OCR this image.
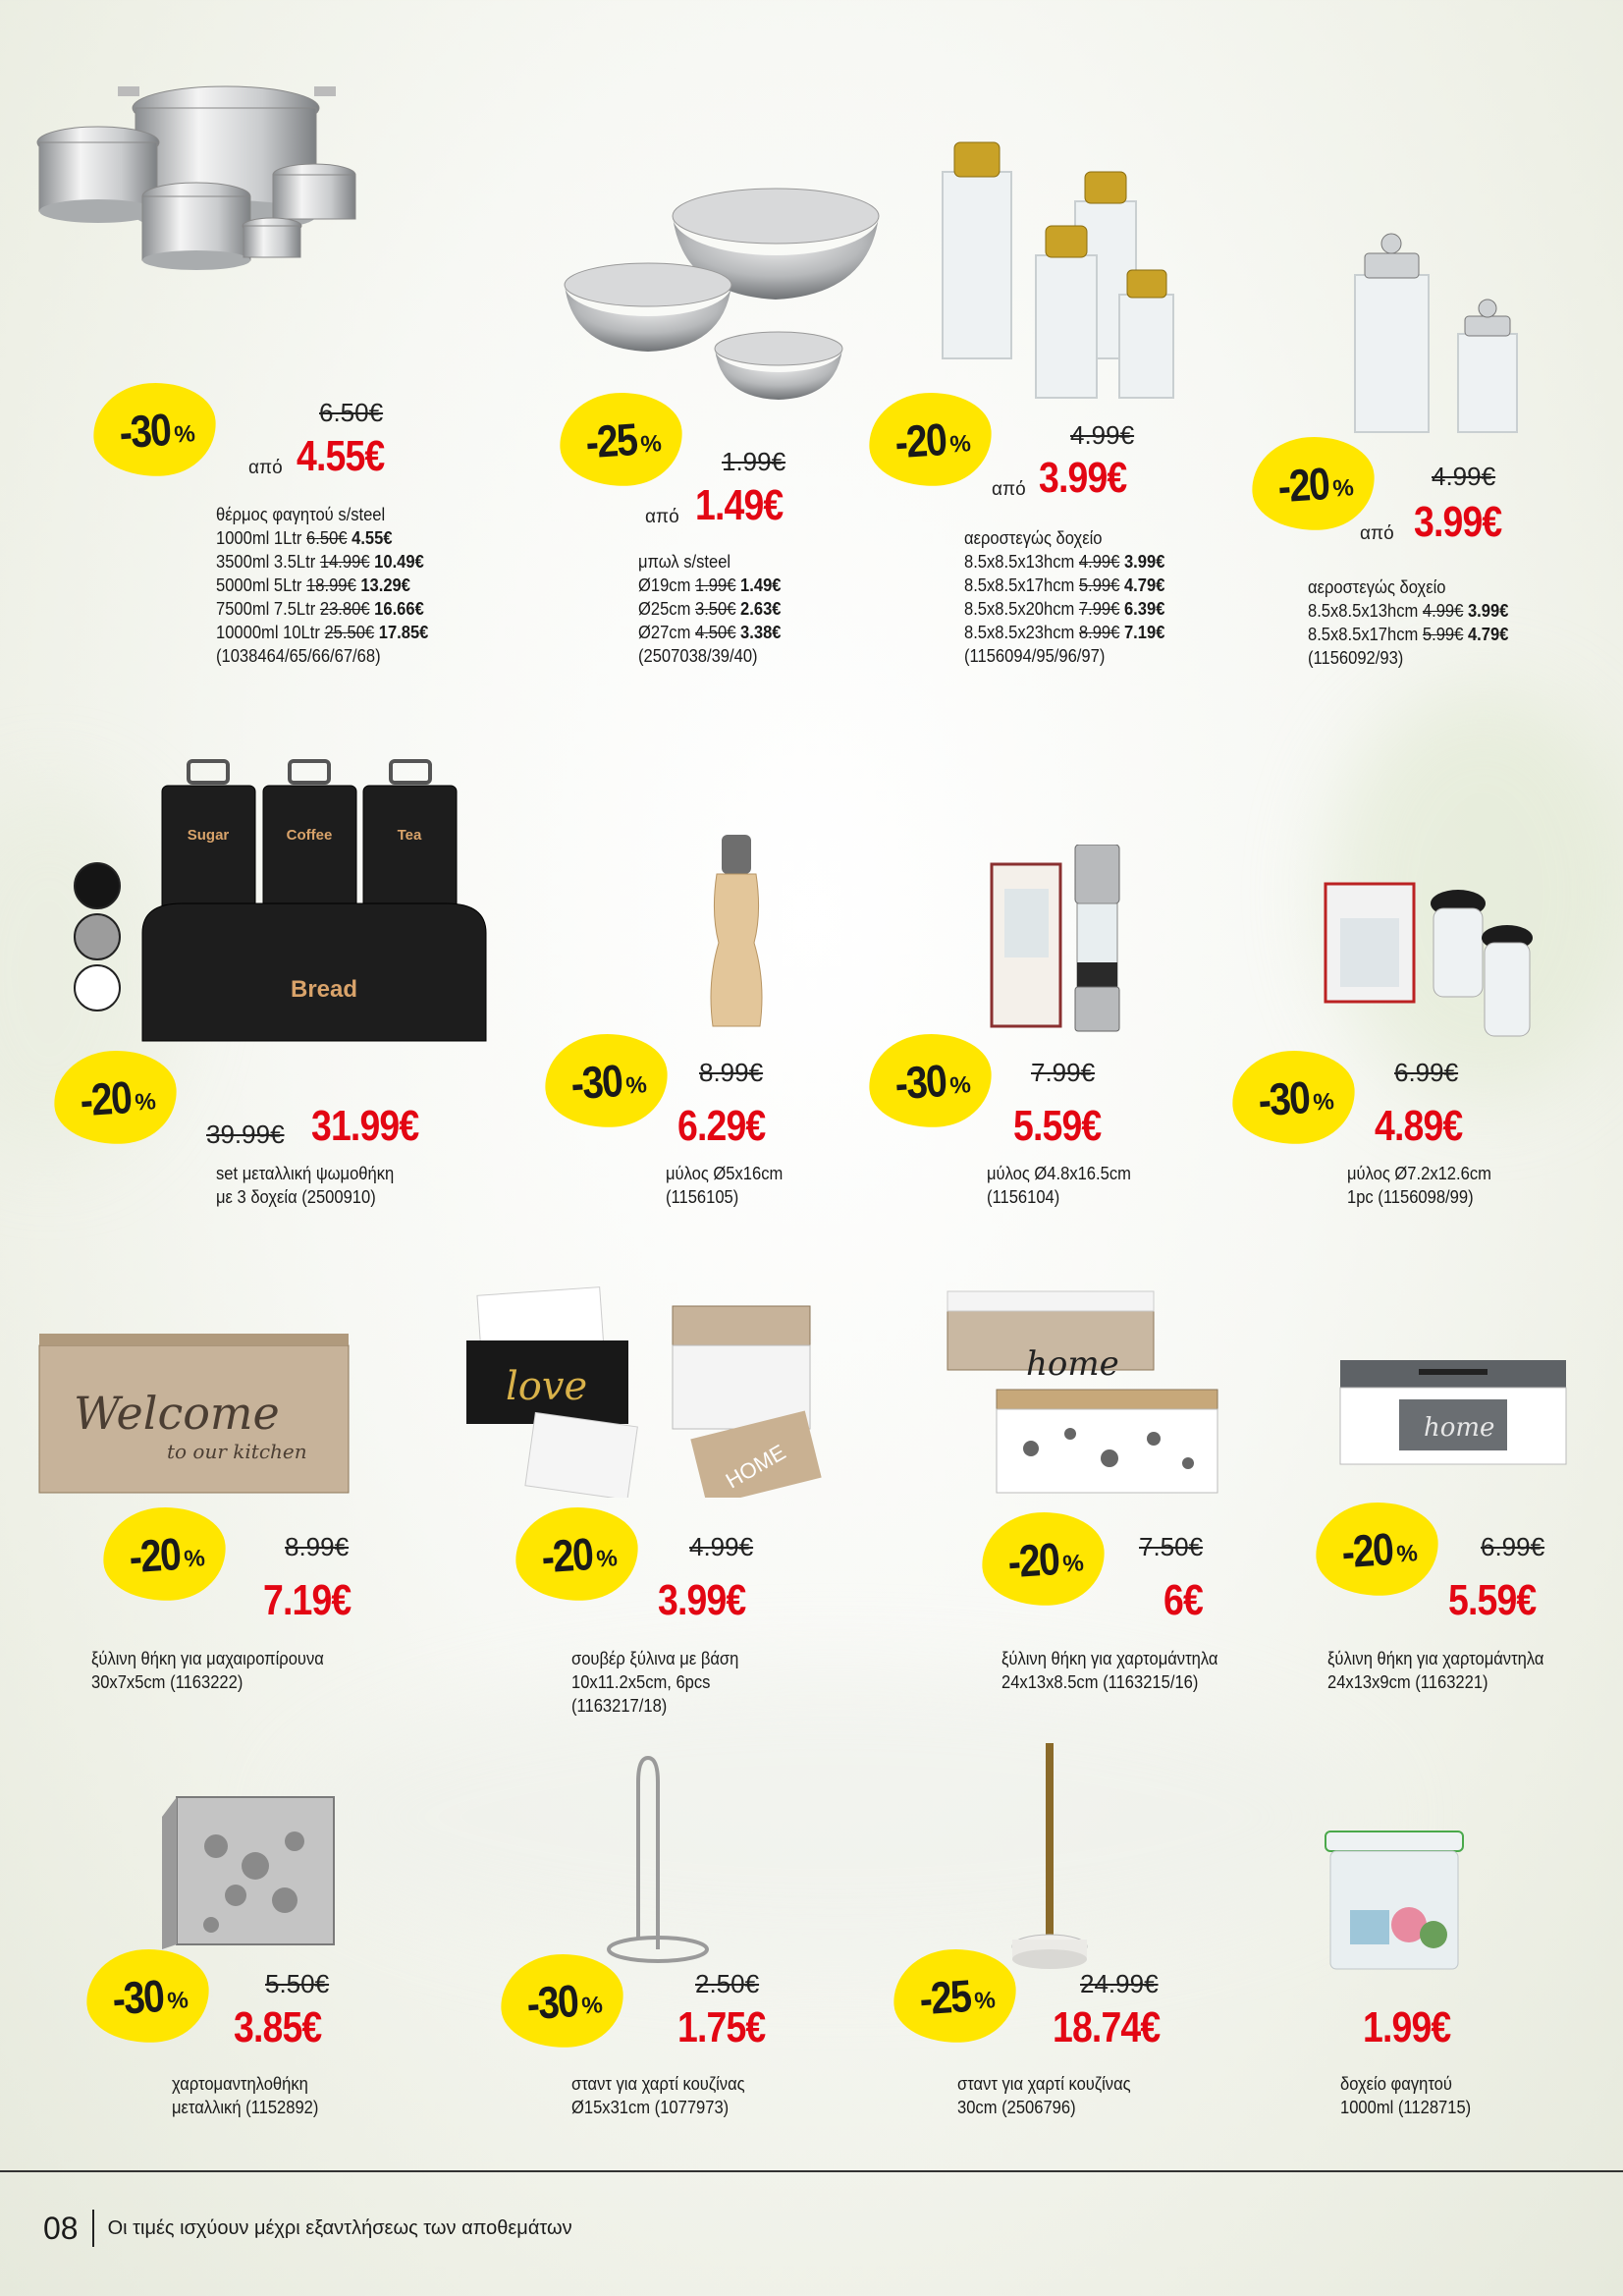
-30 %
6.50€
από 4.55€
θέρμος φαγητού s/steel
1000ml 1Ltr 6.50€ 4.55€
3500ml 3.5Ltr 14.99€ 10.49€
5000ml 5Ltr 18.99€ 13.29€
7500ml 7.5Ltr 23.80€ 16.66€
10000ml 10Ltr 25.50€ 17.85€
(1038464/65/66/67/68)
-25 %
1.99€
από 1.49€
μπωλ s/steel
Ø19cm 1.99€ 1.49€
Ø25cm 3.50€ 2.63€
Ø27cm 4.50€ 3.38€
(2507038/39/40)
-20 %	4.99€
από 3.99€
αεροστεγώς δοχείο
8.5x8.5x13hcm 4.99€ 3.99€
8.5x8.5x17hcm 5.99€ 4.79€
8.5x8.5x20hcm 7.99€ 6.39€
8.5x8.5x23hcm 8.99€ 7.19€
(1156094/95/96/97)
-20 %	4.99€
από 3.99€
αεροστεγώς δοχείο
8.5x8.5x13hcm 4.99€ 3.99€
8.5x8.5x17hcm 5.99€ 4.79€
(1156092/93)
Sugar	Coffee	Tea
Bread
-20 %
39.99€ 31.99€
set μεταλλική ψωμοθήκη
με 3 δοχεία (2500910)
-30 % 8.99€
6.29€
μύλος Ø5x16cm
(1156105)
-30 % 7.99€
5.59€
μύλος Ø4.8x16.5cm
(1156104)
-30 %
6.99€
4.89€
μύλος Ø7.2x12.6cm
1pc (1156098/99)
Welcome
to our kitchen
-20 %	8.99€
7.19€
ξύλινη θήκη για μαχαιροπίρουνα
30x7x5cm (1163222)
love
HOME
-20 %	4.99€
3.99€
σουβέρ ξύλινα με βάση
10x11.2x5cm, 6pcs
(1163217/18)
home
-20 %
7.50€
6€
ξύλινη θήκη για χαρτομάντηλα
24x13x8.5cm (1163215/16)
home
-20 % 6.99€
5.59€
ξύλινη θήκη για χαρτομάντηλα
24x13x9cm (1163221)
-30 %
5.50€
3.85€
χαρτομαντηλοθήκη
μεταλλική (1152892)
-30 %
2.50€
1.75€
σταντ για χαρτί κουζίνας
Ø15x31cm (1077973)
-25 %
24.99€
18.74€
σταντ για χαρτί κουζίνας
30cm (2506796)
1.99€
δοχείο φαγητού
1000ml (1128715)
08 Οι τιμές ισχύουν μέχρι εξαντλήσεως των αποθεμάτων
